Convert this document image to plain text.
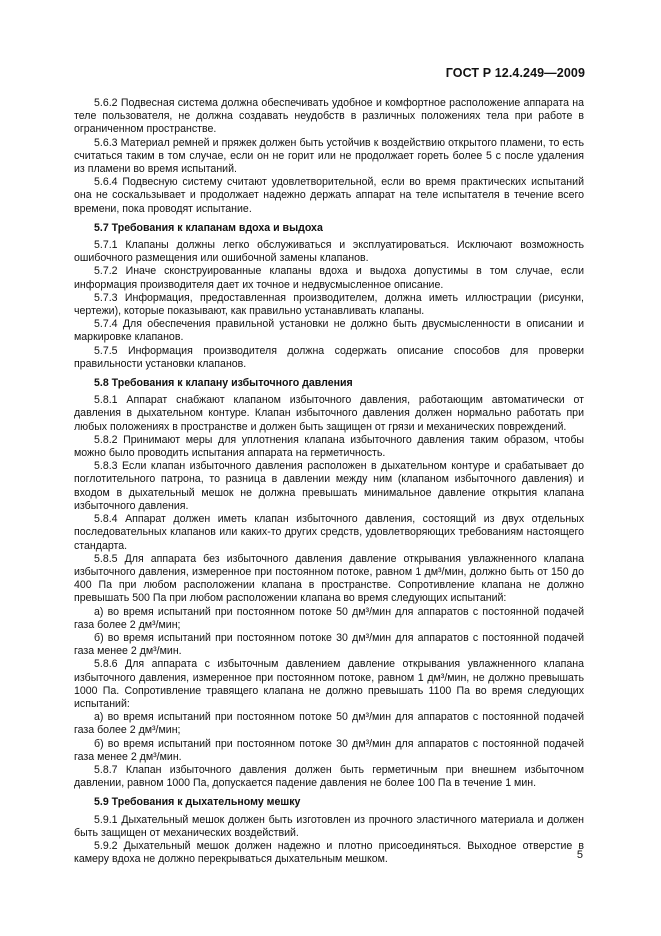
ГОСТ Р 12.4.249—2009

5.6.2 Подвесная система должна обеспечивать удобное и комфортное расположение аппарата на теле пользователя, не должна создавать неудобств в различных положениях тела при работе в ограниченном пространстве.

5.6.3 Материал ремней и пряжек должен быть устойчив к воздействию открытого пламени, то есть считаться таким в том случае, если он не горит или не продолжает гореть более 5 с после удаления из пламени во время испытаний.

5.6.4 Подвесную систему считают удовлетворительной, если во время практических испытаний она не соскальзывает и продолжает надежно держать аппарат на теле испытателя в течение всего времени, пока проводят испытание.

5.7 Требования к клапанам вдоха и выдоха

5.7.1 Клапаны должны легко обслуживаться и эксплуатироваться. Исключают возможность ошибочного размещения или ошибочной замены клапанов.

5.7.2 Иначе сконструированные клапаны вдоха и выдоха допустимы в том случае, если информация производителя дает их точное и недвусмысленное описание.

5.7.3 Информация, предоставленная производителем, должна иметь иллюстрации (рисунки, чертежи), которые показывают, как правильно устанавливать клапаны.

5.7.4 Для обеспечения правильной установки не должно быть двусмысленности в описании и маркировке клапанов.

5.7.5 Информация производителя должна содержать описание способов для проверки правильности установки клапанов.

5.8 Требования к клапану избыточного давления

5.8.1 Аппарат снабжают клапаном избыточного давления, работающим автоматически от давления в дыхательном контуре. Клапан избыточного давления должен нормально работать при любых положениях в пространстве и должен быть защищен от грязи и механических повреждений.

5.8.2 Принимают меры для уплотнения клапана избыточного давления таким образом, чтобы можно было проводить испытания аппарата на герметичность.

5.8.3 Если клапан избыточного давления расположен в дыхательном контуре и срабатывает до поглотительного патрона, то разница в давлении между ним (клапаном избыточного давления) и входом в дыхательный мешок не должна превышать минимальное давление открытия клапана избыточного давления.

5.8.4 Аппарат должен иметь клапан избыточного давления, состоящий из двух отдельных последовательных клапанов или каких-то других средств, удовлетворяющих требованиям настоящего стандарта.

5.8.5 Для аппарата без избыточного давления давление открывания увлажненного клапана избыточного давления, измеренное при постоянном потоке, равном 1 дм³/мин, должно быть от 150 до 400 Па при любом расположении клапана в пространстве. Сопротивление клапана не должно превышать 500 Па при любом расположении клапана во время следующих испытаний:

а) во время испытаний при постоянном потоке 50 дм³/мин для аппаратов с постоянной подачей газа более 2 дм³/мин;

б) во время испытаний при постоянном потоке 30 дм³/мин для аппаратов с постоянной подачей газа менее 2 дм³/мин.

5.8.6 Для аппарата с избыточным давлением давление открывания увлажненного клапана избыточного давления, измеренное при постоянном потоке, равном 1 дм³/мин, не должно превышать 1000 Па. Сопротивление травящего клапана не должно превышать 1100 Па во время следующих испытаний:

а) во время испытаний при постоянном потоке 50 дм³/мин для аппаратов с постоянной подачей газа более 2 дм³/мин;

б) во время испытаний при постоянном потоке 30 дм³/мин для аппаратов с постоянной подачей газа менее 2 дм³/мин.

5.8.7 Клапан избыточного давления должен быть герметичным при внешнем избыточном давлении, равном 1000 Па, допускается падение давления не более 100 Па в течение 1 мин.

5.9 Требования к дыхательному мешку

5.9.1 Дыхательный мешок должен быть изготовлен из прочного эластичного материала и должен быть защищен от механических воздействий.

5.9.2 Дыхательный мешок должен надежно и плотно присоединяться. Выходное отверстие в камеру вдоха не должно перекрываться дыхательным мешком.	5
